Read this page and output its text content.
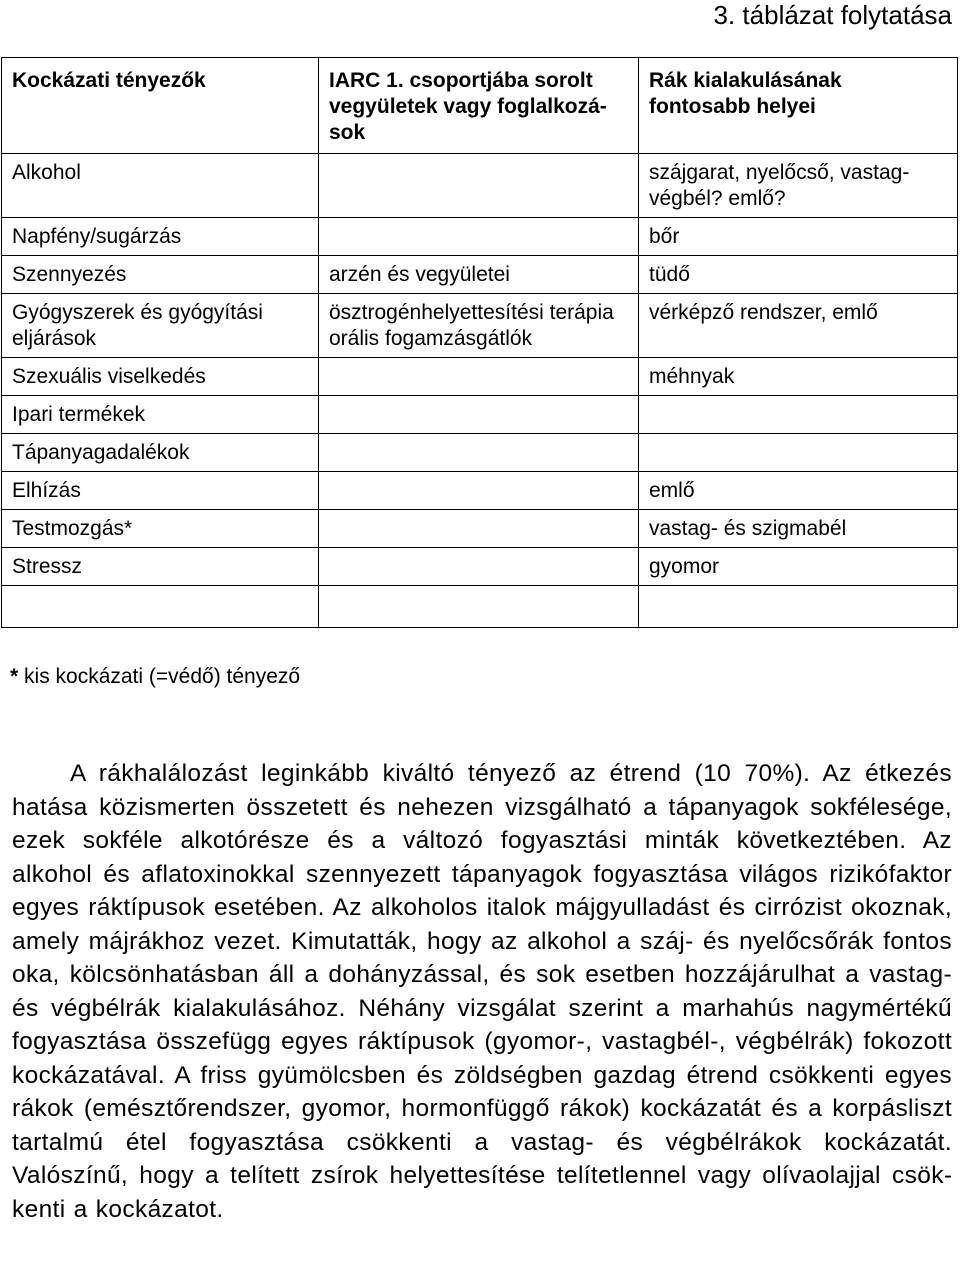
3. táblázat folytatása
Kockázati tényezők	IARC 1. csoportjába sorolt vegyületek vagy foglalkozások	Rák kialakulásának fontosabb helyei
Alkohol		szájgarat, nyelőcső, vastagvégbél? emlő?
Napfény/sugárzás		bőr
Szennyezés	arzén és vegyületei	tüdő
Gyógyszerek és gyógyítási eljárások	ösztrogénhelyettesítési terápia orális fogamzásgátlók	vérképző rendszer, emlő
Szexuális viselkedés		méhnyak
Ipari termékek		
Tápanyagadalékok		
Elhízás		emlő
Testmozgás*		vastag- és szigmabél
Stressz		gyomor

* kis kockázati (=védő) tényező

A rákhalálozást leginkább kiváltó tényező az étrend (10 70%). Az étkezés hatása közismerten összetett és nehezen vizsgálható a tápanyagok sokfélesége, ezek sokféle alkotórésze és a változó fogyasztási minták következtében. Az alkohol és aflatoxinokkal szennyezett tápanyagok fogyasztása világos rizikófaktor egyes ráktípusok esetében. Az alkoholos italok májgyulladást és cirrózist okoznak, amely májrákhoz vezet. Kimutatták, hogy az alkohol a száj- és nyelőcsőrák fontos oka, kölcsönhatásban áll a dohányzással, és sok esetben hozzájárulhat a vastag- és végbélrák kialakulásához. Néhány vizsgálat szerint a marhahús nagymértékű fogyasztása összefügg egyes ráktípusok (gyomor-, vastagbél-, végbélrák) fokozott kockázatával. A friss gyümölcsben és zöldségben gazdag étrend csökkenti egyes rákok (emésztőrendszer, gyomor, hormonfüggő rákok) kockázatát és a korpásliszt tartalmú étel fogyasztása csökkenti a vastag- és végbélrákok kockázatát. Valószínű, hogy a telített zsírok helyettesítése telítetlennel vagy olívaolajjal csökkenti a kockázatot.
